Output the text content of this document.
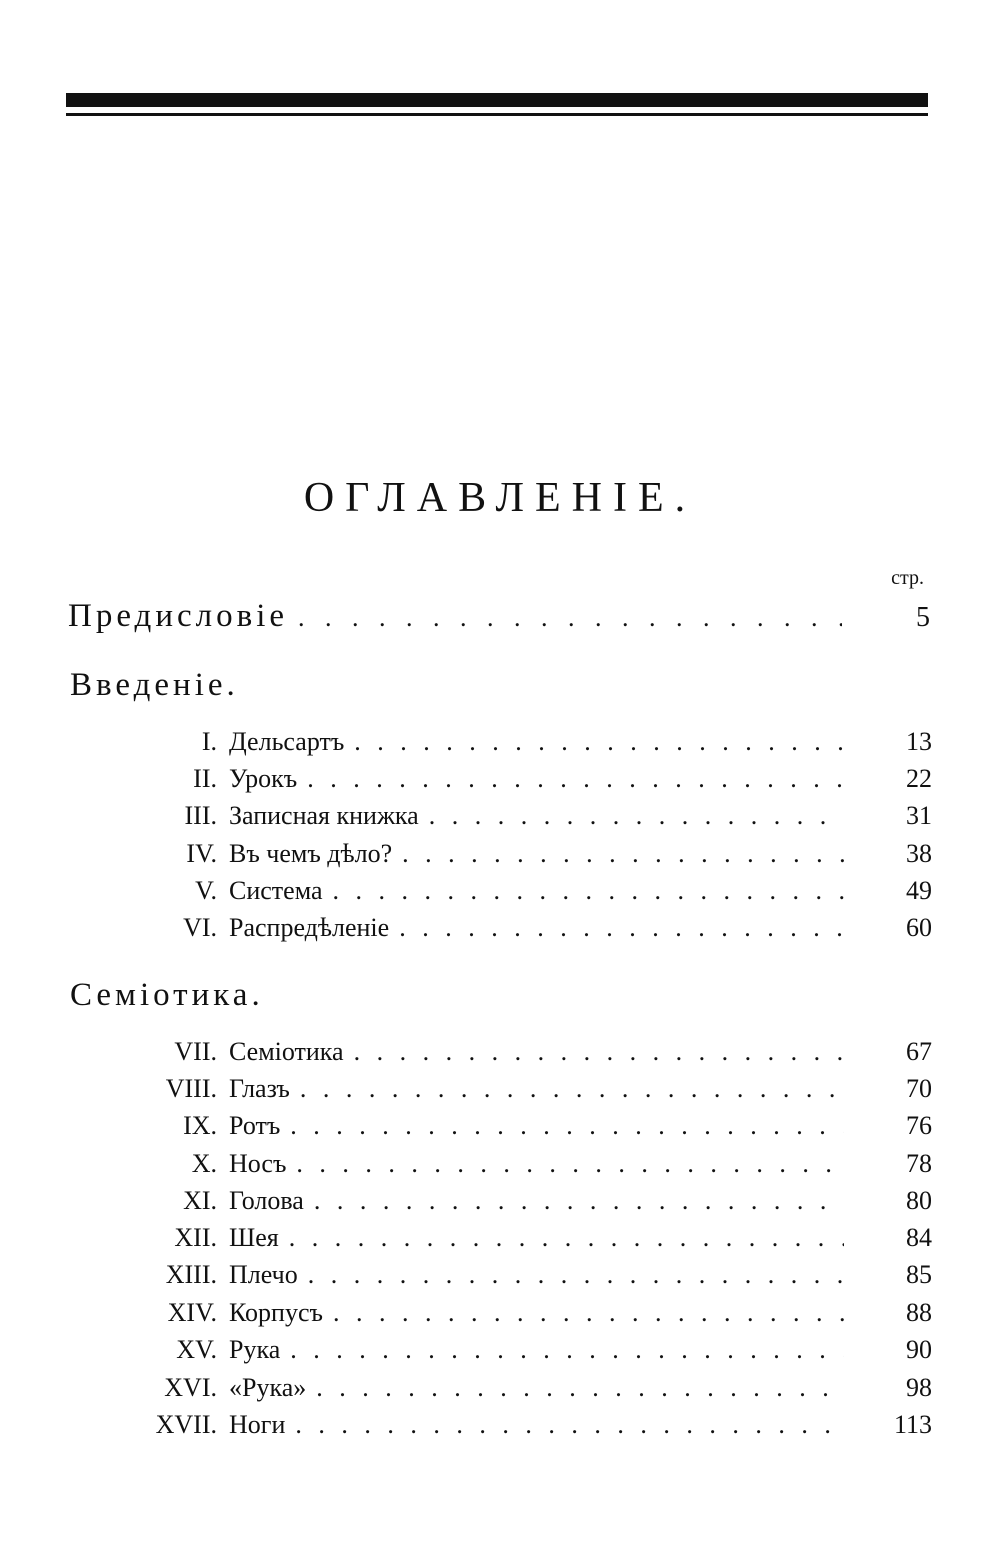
ОГЛАВЛЕНІЕ.
стр.
Предисловіе . . .	5
Введеніе.
I. Дельсартъ . . .	13
II. Урокъ . . .	22
III. Записная книжка . . .	31
IV. Въ чемъ дѣло? . . .	38
V. Система . . .	49
VI. Распредѣленіе . . .	60
Семіотика.
VII. Семіотика . . .	67
VIII. Глазъ . . .	70
IX. Ротъ . . .	76
X. Носъ . . .	78
XI. Голова . . .	80
XII. Шея . . .	84
XIII. Плечо . . .	85
XIV. Корпусъ . . .	88
XV. Рука . . .	90
XVI. «Рука» . . .	98
XVII. Ноги . . .	113
